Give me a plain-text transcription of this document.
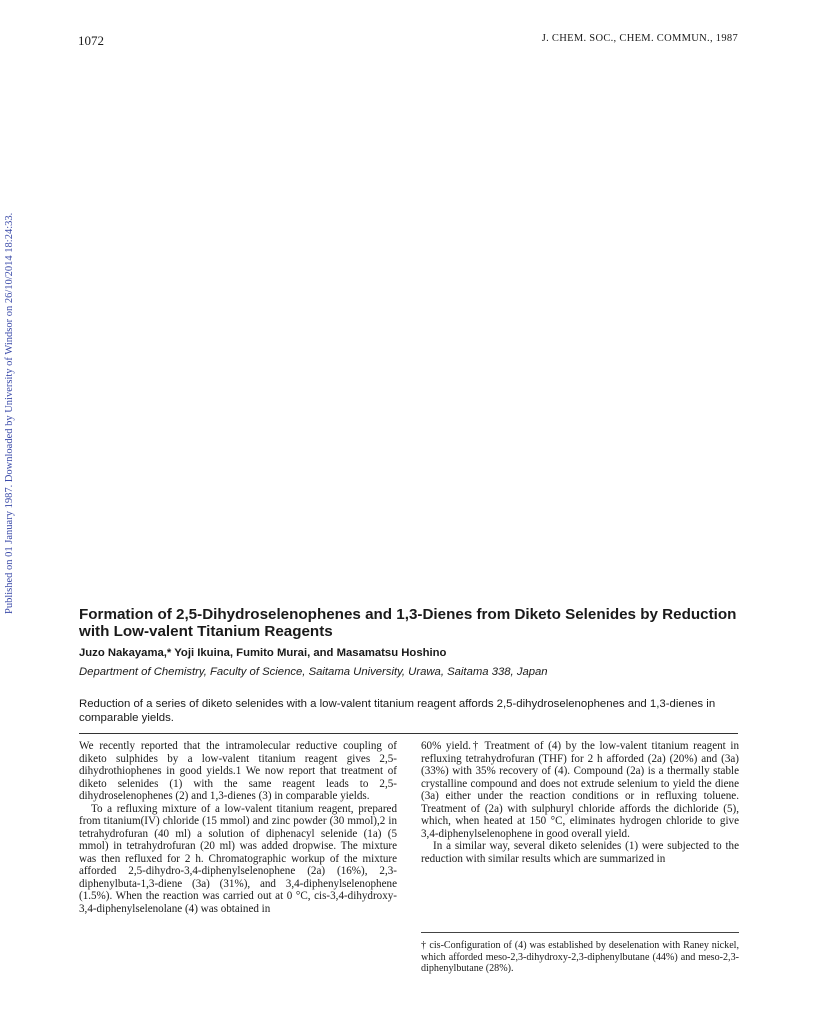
1072	J. CHEM. SOC., CHEM. COMMUN., 1987
Published on 01 January 1987. Downloaded by University of Windsor on 26/10/2014 18:24:33.
Formation of 2,5-Dihydroselenophenes and 1,3-Dienes from Diketo Selenides by Reduction with Low-valent Titanium Reagents
Juzo Nakayama,* Yoji Ikuina, Fumito Murai, and Masamatsu Hoshino
Department of Chemistry, Faculty of Science, Saitama University, Urawa, Saitama 338, Japan

Reduction of a series of diketo selenides with a low-valent titanium reagent affords 2,5-dihydroselenophenes and 1,3-dienes in comparable yields.

We recently reported that the intramolecular reductive coupling of diketo sulphides by a low-valent titanium reagent gives 2,5-dihydrothiophenes in good yields.1 We now report that treatment of diketo selenides (1) with the same reagent leads to 2,5-dihydroselenophenes (2) and 1,3-dienes (3) in comparable yields.

To a refluxing mixture of a low-valent titanium reagent, prepared from titanium(IV) chloride (15 mmol) and zinc powder (30 mmol),2 in tetrahydrofuran (40 ml) a solution of diphenacyl selenide (1a) (5 mmol) in tetrahydrofuran (20 ml) was added dropwise. The mixture was then refluxed for 2 h. Chromatographic workup of the mixture afforded 2,5-dihydro-3,4-diphenylselenophene (2a) (16%), 2,3-diphenylbuta-1,3-diene (3a) (31%), and 3,4-diphenylselenophene (1.5%). When the reaction was carried out at 0 °C, cis-3,4-dihydroxy-3,4-diphenylselenolane (4) was obtained in

60% yield.† Treatment of (4) by the low-valent titanium reagent in refluxing tetrahydrofuran (THF) for 2 h afforded (2a) (20%) and (3a) (33%) with 35% recovery of (4). Compound (2a) is a thermally stable crystalline compound and does not extrude selenium to yield the diene (3a) either under the reaction conditions or in refluxing toluene. Treatment of (2a) with sulphuryl chloride affords the dichloride (5), which, when heated at 150 °C, eliminates hydrogen chloride to give 3,4-diphenylselenophene in good overall yield.

In a similar way, several diketo selenides (1) were subjected to the reduction with similar results which are summarized in

† cis-Configuration of (4) was established by deselenation with Raney nickel, which afforded meso-2,3-dihydroxy-2,3-diphenylbutane (44%) and meso-2,3-diphenylbutane (28%).
